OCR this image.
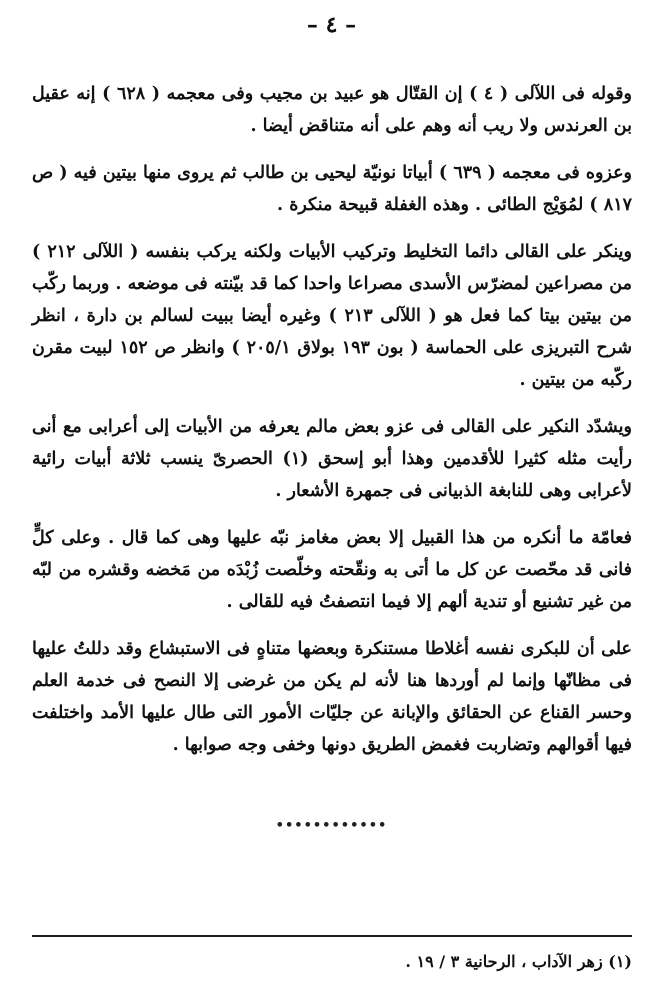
– ٤ –

وقوله فى اللآلى ( ٤ ) إن القتّال هو عبيد بن مجيب وفى معجمه ( ٦٢٨ ) إنه عقيل بن العرندس ولا ريب أنه وهم على أنه متناقض أيضا .

وعزوه فى معجمه ( ٦٣٩ ) أبياتا نونيّة ليحيى بن طالب ثم يروى منها بيتين فيه ( ص ٨١٧ ) لمُوَيْج الطائى . وهذه الغفلة قبيحة منكرة .

وينكر على القالى دائما التخليط وتركيب الأبيات ولكنه يركب بنفسه ( اللآلى ٢١٢ ) من مصراعين لمضرّس الأسدى مصراعا واحدا كما قد بيّنته فى موضعه . وربما ركّب من بيتين بيتا كما فعل هو ( اللآلى ٢١٣ ) وغيره أيضا ببيت لسالم بن دارة ، انظر شرح التبريزى على الحماسة ( بون ١٩٣ بولاق ٢٠٥/١ ) وانظر ص ١٥٢ لبيت مقرن ركّبه من بيتين .

ويشدّد النكير على القالى فى عزو بعض مالم يعرفه من الأبيات إلى أعرابى مع أنى رأيت مثله كثيرا للأقدمين وهذا أبو إسحق (١) الحصرىّ ينسب ثلاثة أبيات رائية لأعرابى وهى للنابغة الذبيانى فى جمهرة الأشعار .

فعامّة ما أنكره من هذا القبيل إلا بعض مغامز نبّه عليها وهى كما قال . وعلى كلٍّ فانى قد محّصت عن كل ما أتى به ونقّحته وخلّصت زُبْدَه من مَخضه وقشره من لبّه من غير تشنيع أو تندية ألهم إلا فيما انتصفتُ فيه للقالى .

على أن للبكرى نفسه أغلاطا مستنكرة وبعضها متناهٍ فى الاستبشاع وقد دللتُ عليها فى مظانّها وإنما لم أوردها هنا لأنه لم يكن من غرضى إلا النصح فى خدمة العلم وحسر القناع عن الحقائق والإبانة عن جليّات الأمور التى طال عليها الأمد واختلفت فيها أقوالهم وتضاربت فغمض الطريق دونها وخفى وجه صوابها .

••••••••••••
(١) زهر الآداب ، الرحانية ٣ / ١٩ .
